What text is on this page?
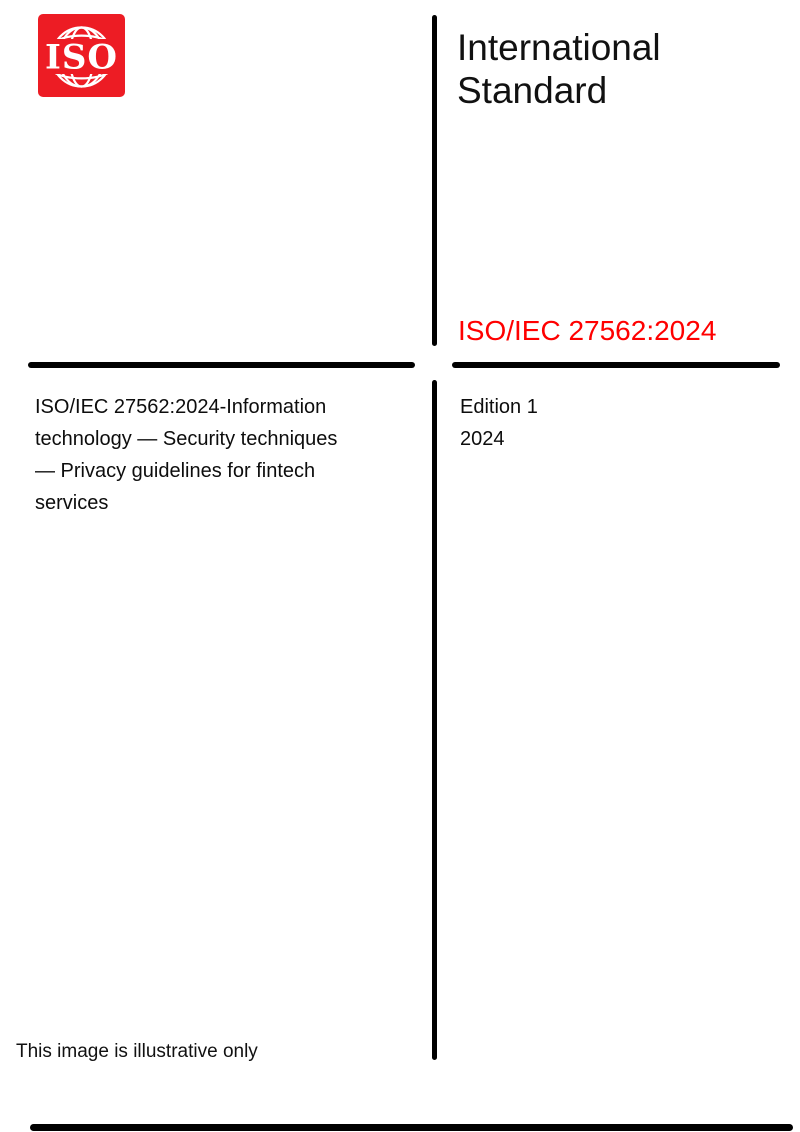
ISO	International
Standard
ISO/IEC 27562:2024
ISO/IEC 27562:2024-Information
technology — Security techniques
— Privacy guidelines for fintech
services
Edition 1
2024
This image is illustrative only
